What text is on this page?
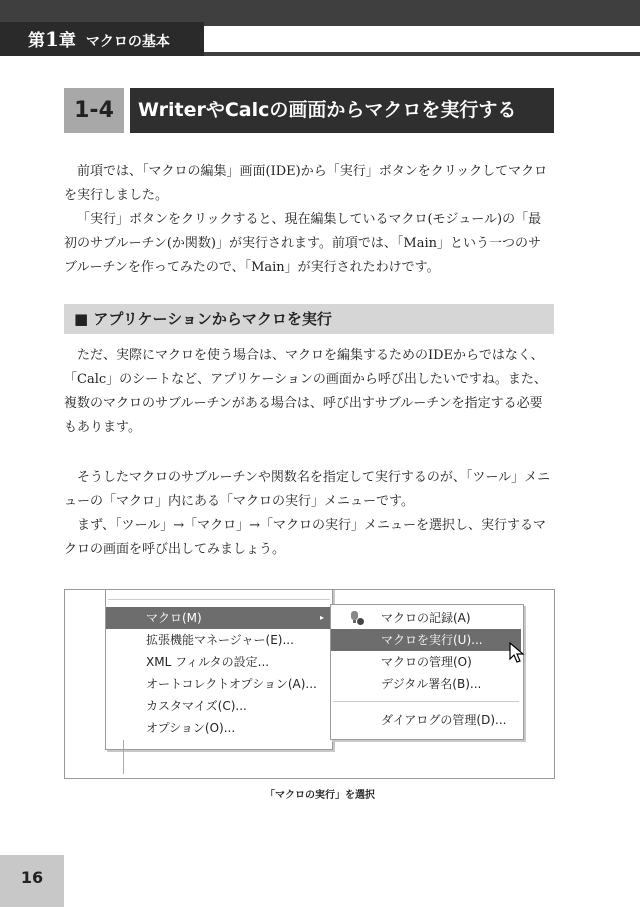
第1章 マクロの基本
1-4	WriterやCalcの画面からマクロを実行する

前項では、「マクロの編集」画面(IDE)から「実行」ボタンをクリックしてマクロを実行しました。

「実行」ボタンをクリックすると、現在編集しているマクロ(モジュール)の「最初のサブルーチン(か関数)」が実行されます。前項では、「Main」という一つのサブルーチンを作ってみたので、「Main」が実行されたわけです。

■ アプリケーションからマクロを実行

ただ、実際にマクロを使う場合は、マクロを編集するためのIDEからではなく、「Calc」のシートなど、アプリケーションの画面から呼び出したいですね。また、複数のマクロのサブルーチンがある場合は、呼び出すサブルーチンを指定する必要もあります。

そうしたマクロのサブルーチンや関数名を指定して実行するのが、「ツール」メニューの「マクロ」内にある「マクロの実行」メニューです。

まず、「ツール」→「マクロ」→「マクロの実行」メニューを選択し、実行するマクロの画面を呼び出してみましょう。

マクロ(M)	▸
拡張機能マネージャー(E)...
XML フィルタの設定...
オートコレクトオプション(A)...
カスタマイズ(C)...
オプション(O)...
マクロの記録(A)
マクロを実行(U)...
マクロの管理(O)
デジタル署名(B)...
ダイアログの管理(D)...
「マクロの実行」を選択
16
